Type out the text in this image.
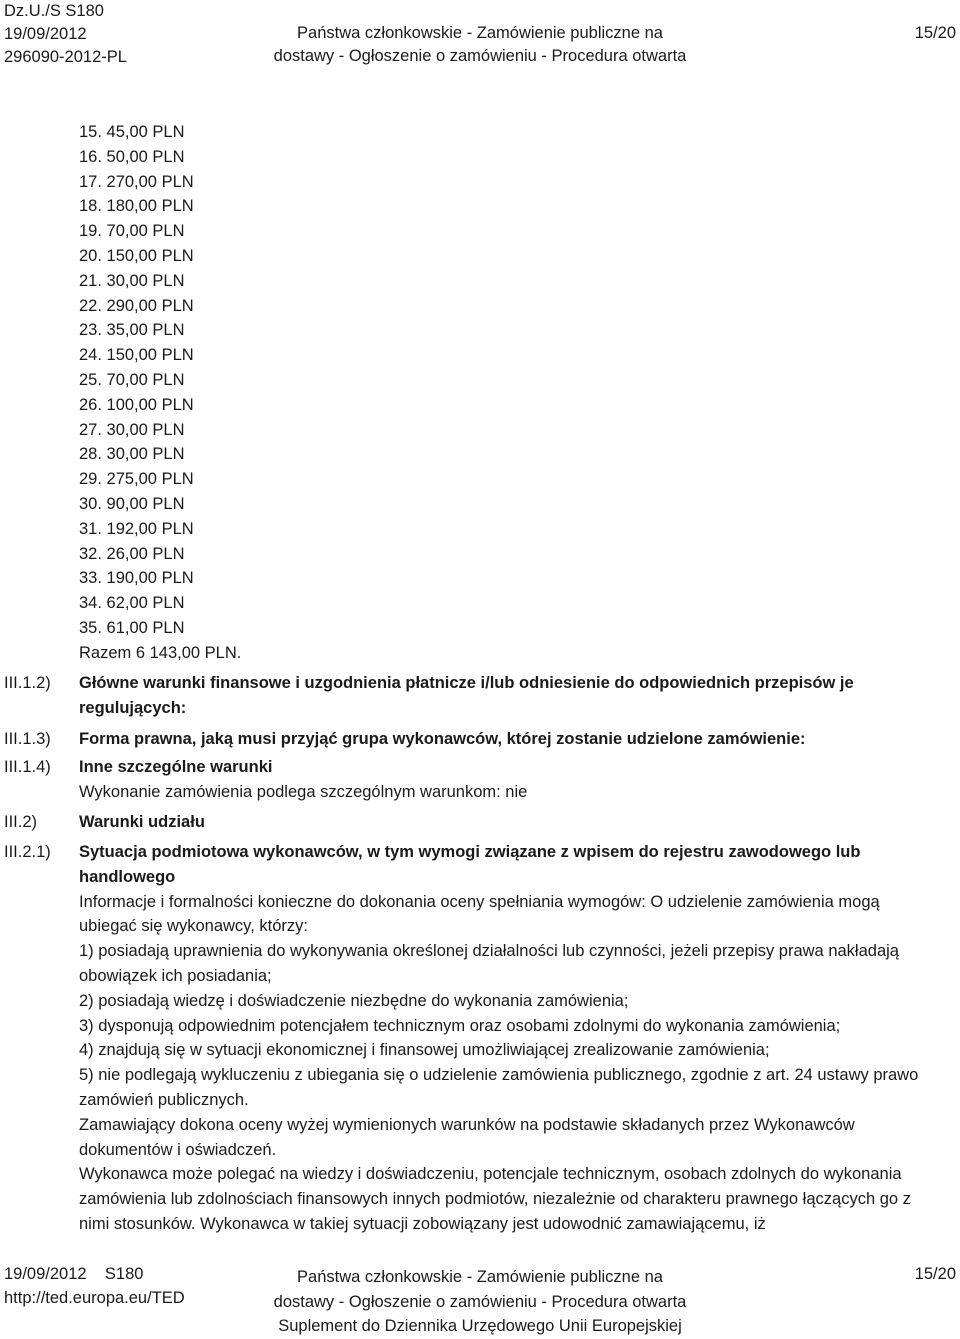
Dz.U./S S180
19/09/2012
296090-2012-PL
Państwa członkowskie - Zamówienie publiczne na
dostawy - Ogłoszenie o zamówieniu - Procedura otwarta
15/20
15. 45,00 PLN
16. 50,00 PLN
17. 270,00 PLN
18. 180,00 PLN
19. 70,00 PLN
20. 150,00 PLN
21. 30,00 PLN
22. 290,00 PLN
23. 35,00 PLN
24. 150,00 PLN
25. 70,00 PLN
26. 100,00 PLN
27. 30,00 PLN
28. 30,00 PLN
29. 275,00 PLN
30. 90,00 PLN
31. 192,00 PLN
32. 26,00 PLN
33. 190,00 PLN
34. 62,00 PLN
35. 61,00 PLN
Razem 6 143,00 PLN.
III.1.2) Główne warunki finansowe i uzgodnienia płatnicze i/lub odniesienie do odpowiednich przepisów je regulujących:
III.1.3) Forma prawna, jaką musi przyjąć grupa wykonawców, której zostanie udzielone zamówienie:
III.1.4) Inne szczególne warunki

Wykonanie zamówienia podlega szczególnym warunkom: nie

III.2)	Warunki udziału
III.2.1) Sytuacja podmiotowa wykonawców, w tym wymogi związane z wpisem do rejestru zawodowego lub handlowego

Informacje i formalności konieczne do dokonania oceny spełniania wymogów: O udzielenie zamówienia mogą ubiegać się wykonawcy, którzy:

1) posiadają uprawnienia do wykonywania określonej działalności lub czynności, jeżeli przepisy prawa nakładają obowiązek ich posiadania;

2) posiadają wiedzę i doświadczenie niezbędne do wykonania zamówienia;

3) dysponują odpowiednim potencjałem technicznym oraz osobami zdolnymi do wykonania zamówienia;

4) znajdują się w sytuacji ekonomicznej i finansowej umożliwiającej zrealizowanie zamówienia;

5) nie podlegają wykluczeniu z ubiegania się o udzielenie zamówienia publicznego, zgodnie z art. 24 ustawy prawo zamówień publicznych.

Zamawiający dokona oceny wyżej wymienionych warunków na podstawie składanych przez Wykonawców dokumentów i oświadczeń.

Wykonawca może polegać na wiedzy i doświadczeniu, potencjale technicznym, osobach zdolnych do wykonania zamówienia lub zdolnościach finansowych innych podmiotów, niezależnie od charakteru prawnego łączących go z nimi stosunków. Wykonawca w takiej sytuacji zobowiązany jest udowodnić zamawiającemu, iż

19/09/2012    S180
http://ted.europa.eu/TED
Państwa członkowskie - Zamówienie publiczne na
dostawy - Ogłoszenie o zamówieniu - Procedura otwarta
Suplement do Dziennika Urzędowego Unii Europejskiej
15/20
